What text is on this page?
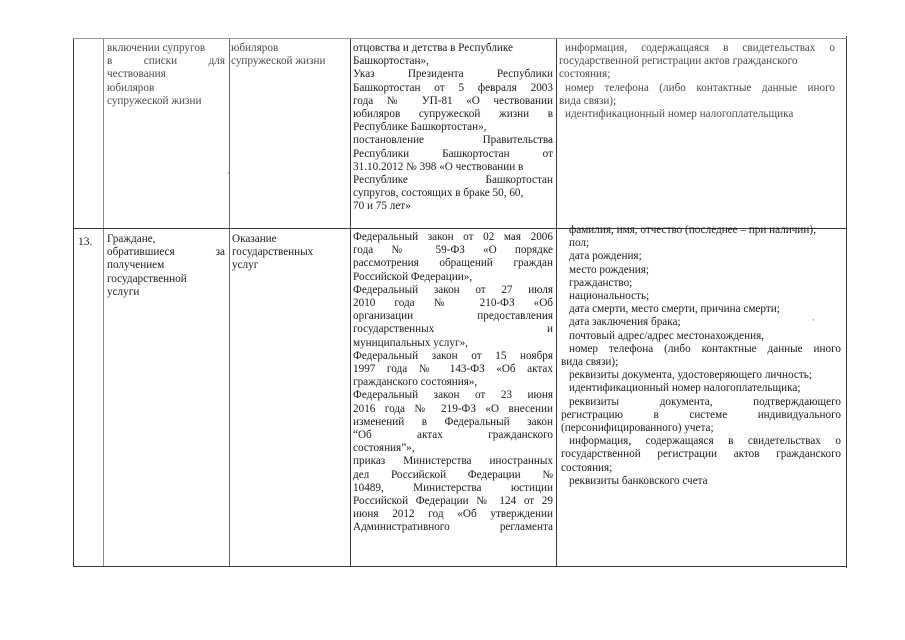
включении супругов
в списки для
чествования
юбиляров
супружеской жизни
юбиляров
супружеской жизни
отцовства и детства в Республике
Башкортостан»,
Указ Президента Республики
Башкортостан от 5 февраля 2003
года № УП-81 «О чествовании
юбиляров супружеской жизни в
Республике Башкортостан»,
постановление Правительства
Республики Башкортостан от
31.10.2012 № 398 «О чествовании в
Республике Башкортостан
супругов, состоящих в браке 50, 60,
70 и 75 лет»
информация, содержащаяся в свидетельствах о
государственной регистрации актов гражданского
состояния;
номер телефона (либо контактные данные иного
вида связи);
идентификационный номер налогоплательщика
13. Граждане,
обратившиеся за
получением
государственной
услуги
Оказание
государственных
услуг
Федеральный закон от 02 мая 2006
года № 59-ФЗ «О порядке
рассмотрения обращений граждан
Российской Федерации»,
Федеральный закон от 27 июля
2010 года № 210-ФЗ «Об
организации предоставления
государственных и
муниципальных услуг»,
Федеральный закон от 15 ноября
1997 года № 143-ФЗ «Об актах
гражданского состояния»,
Федеральный закон от 23 июня
2016 года № 219-ФЗ «О внесении
изменений в Федеральный закон
“Об актах гражданского
состояния”»,
приказ Министерства иностранных
дел Российской Федерации №
10489, Министерства юстиции
Российской Федерации № 124 от 29
июня 2012 год «Об утверждении
Административного регламента
фамилия, имя, отчество (последнее – при наличии);
пол;
дата рождения;
место рождения;
гражданство;
национальность;
дата смерти, место смерти, причина смерти;
дата заключения брака;
почтовый адрес/адрес местонахождения,
номер телефона (либо контактные данные иного
вида связи);
реквизиты документа, удостоверяющего личность;
идентификационный номер налогоплательщика;
реквизиты документа, подтверждающего
регистрацию в системе индивидуального
(персонифицированного) учета;
информация, содержащаяся в свидетельствах о
государственной регистрации актов гражданского
состояния;
реквизиты банковского счета
·
·
